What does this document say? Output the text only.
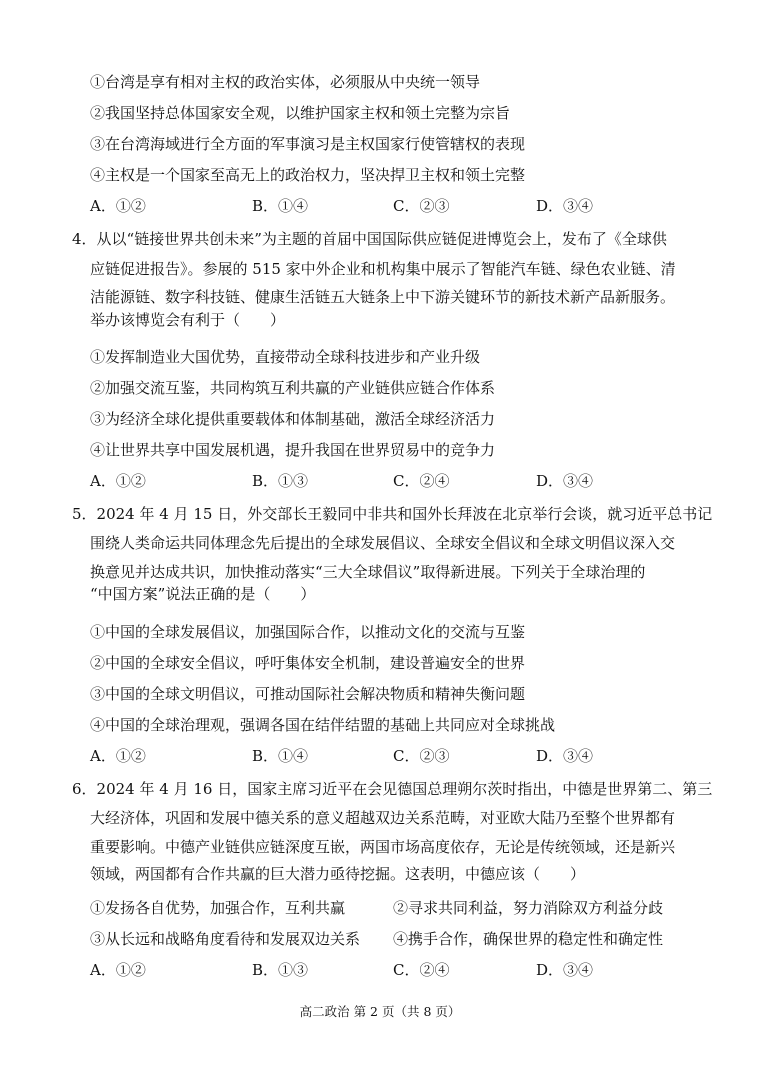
①台湾是享有相对主权的政治实体，必须服从中央统一领导
②我国坚持总体国家安全观，以维护国家主权和领土完整为宗旨
③在台湾海域进行全方面的军事演习是主权国家行使管辖权的表现
④主权是一个国家至高无上的政治权力，坚决捍卫主权和领土完整
A．①②	B．①④	C．②③	D．③④
4．从以“链接世界共创未来”为主题的首届中国国际供应链促进博览会上，发布了《全球供
应链促进报告》。参展的 515 家中外企业和机构集中展示了智能汽车链、绿色农业链、清
洁能源链、数字科技链、健康生活链五大链条上中下游关键环节的新技术新产品新服务。
举办该博览会有利于（　　）
①发挥制造业大国优势，直接带动全球科技进步和产业升级
②加强交流互鉴，共同构筑互利共赢的产业链供应链合作体系
③为经济全球化提供重要载体和体制基础，激活全球经济活力
④让世界共享中国发展机遇，提升我国在世界贸易中的竞争力
A．①②	B．①③	C．②④	D．③④
5．2024 年 4 月 15 日，外交部长王毅同中非共和国外长拜波在北京举行会谈，就习近平总书记
围绕人类命运共同体理念先后提出的全球发展倡议、全球安全倡议和全球文明倡议深入交
换意见并达成共识，加快推动落实“三大全球倡议”取得新进展。下列关于全球治理的
“中国方案”说法正确的是（　　）
①中国的全球发展倡议，加强国际合作，以推动文化的交流与互鉴
②中国的全球安全倡议，呼吁集体安全机制，建设普遍安全的世界
③中国的全球文明倡议，可推动国际社会解决物质和精神失衡问题
④中国的全球治理观，强调各国在结伴结盟的基础上共同应对全球挑战
A．①②	B．①④	C．②③	D．③④
6．2024 年 4 月 16 日，国家主席习近平在会见德国总理朔尔茨时指出，中德是世界第二、第三
大经济体，巩固和发展中德关系的意义超越双边关系范畴，对亚欧大陆乃至整个世界都有
重要影响。中德产业链供应链深度互嵌，两国市场高度依存，无论是传统领域，还是新兴
领域，两国都有合作共赢的巨大潜力亟待挖掘。这表明，中德应该（　　）
①发扬各自优势，加强合作，互利共赢	②寻求共同利益，努力消除双方利益分歧
③从长远和战略角度看待和发展双边关系 ④携手合作，确保世界的稳定性和确定性
A．①②	B．①③	C．②④	D．③④
高二政治 第 2 页（共 8 页）
